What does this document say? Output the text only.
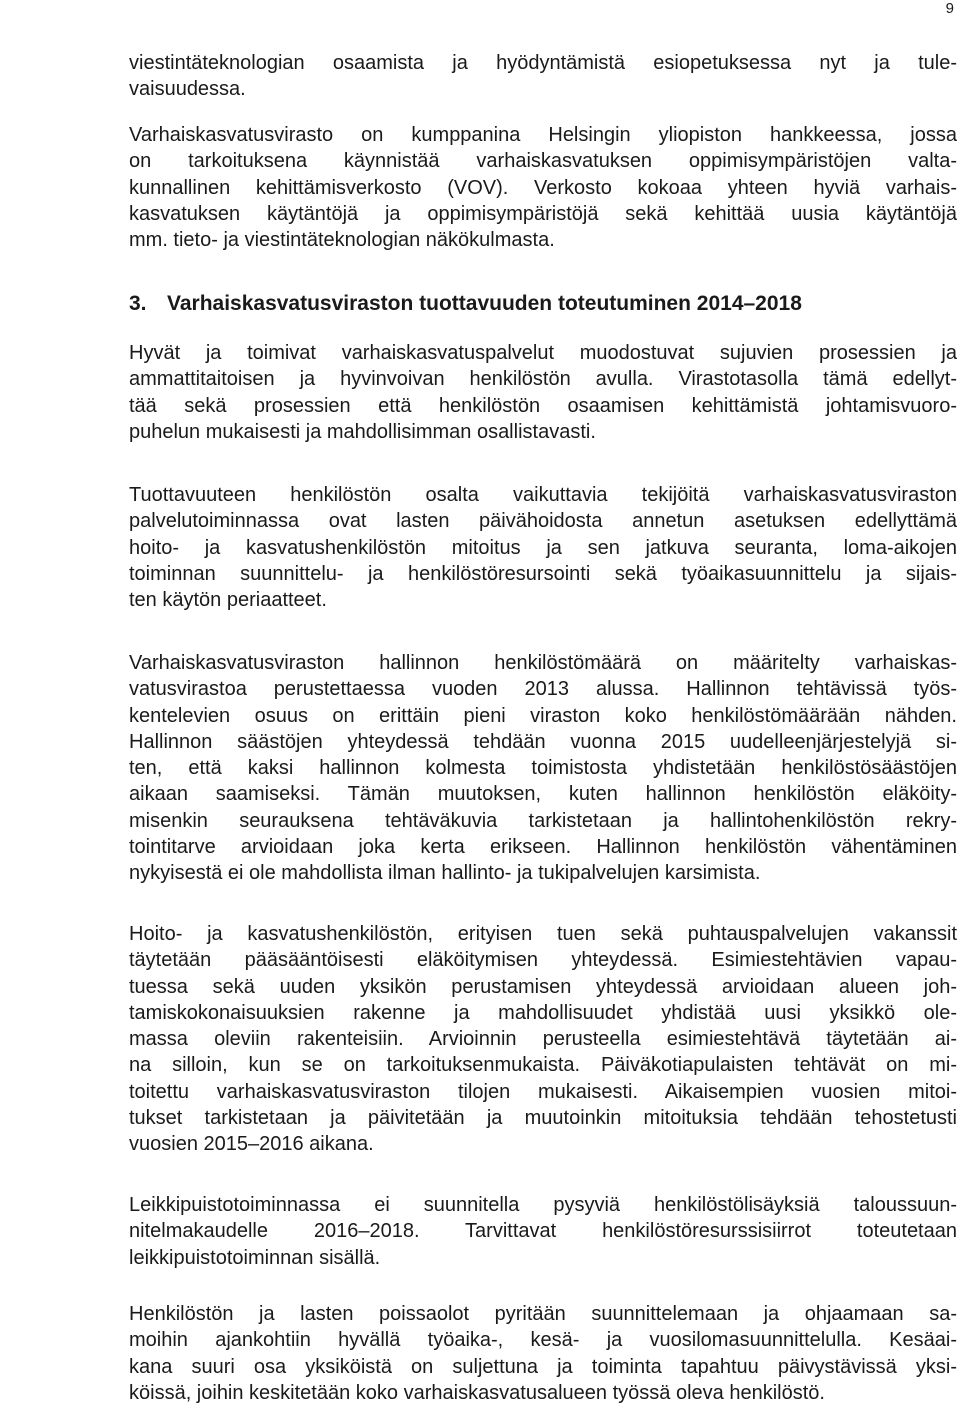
9

viestintäteknologian osaamista ja hyödyntämistä esiopetuksessa nyt ja tule-
vaisuudessa.

Varhaiskasvatusvirasto on kumppanina Helsingin yliopiston hankkeessa, jossa
on tarkoituksena käynnistää varhaiskasvatuksen oppimisympäristöjen valta-
kunnallinen kehittämisverkosto (VOV). Verkosto kokoaa yhteen hyviä varhais-
kasvatuksen käytäntöjä ja oppimisympäristöjä sekä kehittää uusia käytäntöjä
mm. tieto- ja viestintäteknologian näkökulmasta.

3. Varhaiskasvatusviraston tuottavuuden toteutuminen 2014–2018

Hyvät ja toimivat varhaiskasvatuspalvelut muodostuvat sujuvien prosessien ja
ammattitaitoisen ja hyvinvoivan henkilöstön avulla. Virastotasolla tämä edellyt-
tää sekä prosessien että henkilöstön osaamisen kehittämistä johtamisvuoro-
puhelun mukaisesti ja mahdollisimman osallistavasti.

Tuottavuuteen henkilöstön osalta vaikuttavia tekijöitä varhaiskasvatusviraston
palvelutoiminnassa ovat lasten päivähoidosta annetun asetuksen edellyttämä
hoito- ja kasvatushenkilöstön mitoitus ja sen jatkuva seuranta, loma-aikojen
toiminnan suunnittelu- ja henkilöstöresursointi sekä työaikasuunnittelu ja sijais-
ten käytön periaatteet.

Varhaiskasvatusviraston hallinnon henkilöstömäärä on määritelty varhaiskas-
vatusvirastoa perustettaessa vuoden 2013 alussa. Hallinnon tehtävissä työs-
kentelevien osuus on erittäin pieni viraston koko henkilöstömäärään nähden.
Hallinnon säästöjen yhteydessä tehdään vuonna 2015 uudelleenjärjestelyjä si-
ten, että kaksi hallinnon kolmesta toimistosta yhdistetään henkilöstösäästöjen
aikaan saamiseksi. Tämän muutoksen, kuten hallinnon henkilöstön eläköity-
misenkin seurauksena tehtäväkuvia tarkistetaan ja hallintohenkilöstön rekry-
tointitarve arvioidaan joka kerta erikseen. Hallinnon henkilöstön vähentäminen
nykyisestä ei ole mahdollista ilman hallinto- ja tukipalvelujen karsimista.

Hoito- ja kasvatushenkilöstön, erityisen tuen sekä puhtauspalvelujen vakanssit
täytetään pääsääntöisesti eläköitymisen yhteydessä. Esimiestehtävien vapau-
tuessa sekä uuden yksikön perustamisen yhteydessä arvioidaan alueen joh-
tamiskokonaisuuksien rakenne ja mahdollisuudet yhdistää uusi yksikkö ole-
massa oleviin rakenteisiin. Arvioinnin perusteella esimiestehtävä täytetään ai-
na silloin, kun se on tarkoituksenmukaista. Päiväkotiapulaisten tehtävät on mi-
toitettu varhaiskasvatusviraston tilojen mukaisesti. Aikaisempien vuosien mitoi-
tukset tarkistetaan ja päivitetään ja muutoinkin mitoituksia tehdään tehostetusti
vuosien 2015–2016 aikana.

Leikkipuistotoiminnassa ei suunnitella pysyviä henkilöstölisäyksiä taloussuun-
nitelmakaudelle 2016–2018. Tarvittavat henkilöstöresurssisiirrot toteutetaan
leikkipuistotoiminnan sisällä.

Henkilöstön ja lasten poissaolot pyritään suunnittelemaan ja ohjaamaan sa-
moihin ajankohtiin hyvällä työaika-, kesä- ja vuosilomasuunnittelulla. Kesäai-
kana suuri osa yksiköistä on suljettuna ja toiminta tapahtuu päivystävissä yksi-
köissä, joihin keskitetään koko varhaiskasvatusalueen työssä oleva henkilöstö.
